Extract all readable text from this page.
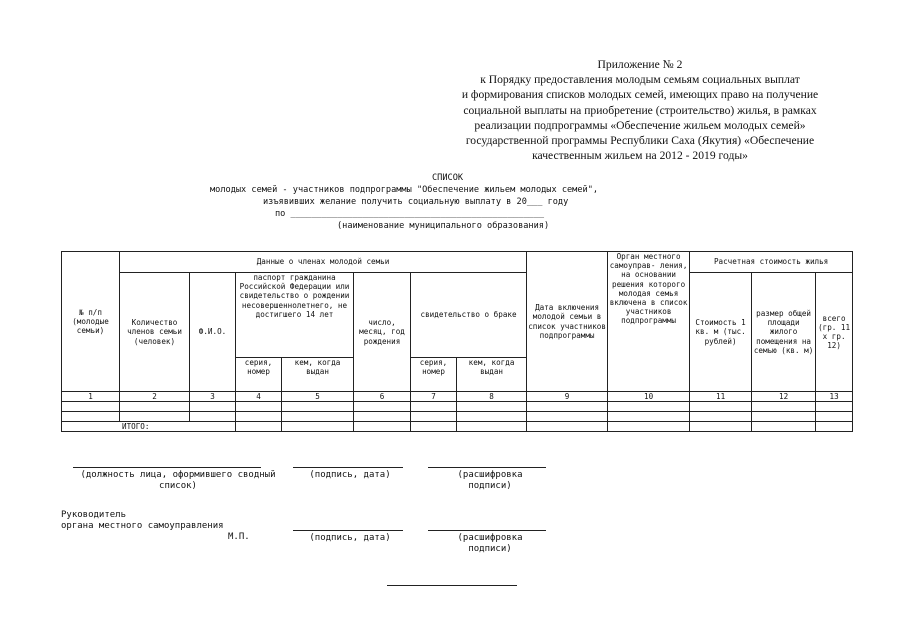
Приложение № 2
к Порядку предоставления молодым семьям социальных выплат
и формирования списков молодых семей, имеющих право на получение
социальной выплаты на приобретение (строительство) жилья, в рамках
реализации подпрограммы «Обеспечение жильем молодых семей»
государственной программы Республики Саха (Якутия) «Обеспечение
качественным жильем на 2012 - 2019 годы»
СПИСОК
молодых семей - участников подпрограммы "Обеспечение жильем молодых семей",
изъявивших желание получить социальную выплату в 20___ году
по _________________________________________________
(наименование муниципального образования)
№ п/п (молодые семьи)	Данные о членах молодой семьи							Дата включения молодой семьи в список участников подпрограммы	Орган местного самоуправ- ления, на основании решения которого молодая семья включена в список участников подпрограммы	Расчетная стоимость жилья		
	Количество членов семьи (человек)	Ф.И.О.	паспорт гражданина Российской Федерации или свидетельство о рождении несовершеннолетнего, не достигшего 14 лет		число, месяц, год рождения	свидетельство о браке				Стоимость 1 кв. м (тыс. рублей)	размер общей площади жилого помещения на семью (кв. м)	всего (гр. 11 x гр. 12)
			серия, номер	кем, когда выдан		серия, номер	кем, когда выдан					
1	2	3	4	5	6	7	8	9	10	11	12	13

ИТОГО:												
(должность лица, оформившего сводный список)
(подпись, дата)	(расшифровка подписи)
Руководитель
органа местного самоуправления
М.П.	(подпись, дата)	(расшифровка подписи)
